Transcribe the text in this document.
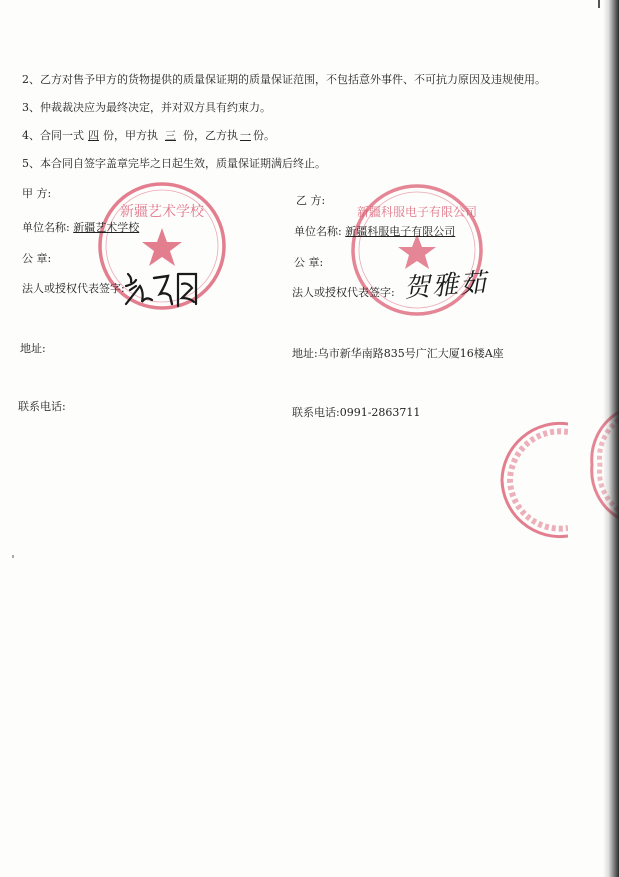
2、乙方对售予甲方的货物提供的质量保证期的质量保证范围，不包括意外事件、不可抗力原因及违规使用。
3、仲裁裁决应为最终决定，并对双方具有约束力。
4、合同一式 四 份，甲方执 三 份，乙方执 一 份。
5、本合同自签字盖章完毕之日起生效，质量保证期满后终止。
新疆艺术学校
甲 方:
单位名称: 新疆艺术学校
公 章:
法人或授权代表签字:
新疆科服电子有限公司
乙 方:
单位名称: 新疆科服电子有限公司
公 章:
法人或授权代表签字: 贺雅茹
地址:	地址:乌市新华南路835号广汇大厦16楼A座
联系电话:	联系电话:0991-2863711
